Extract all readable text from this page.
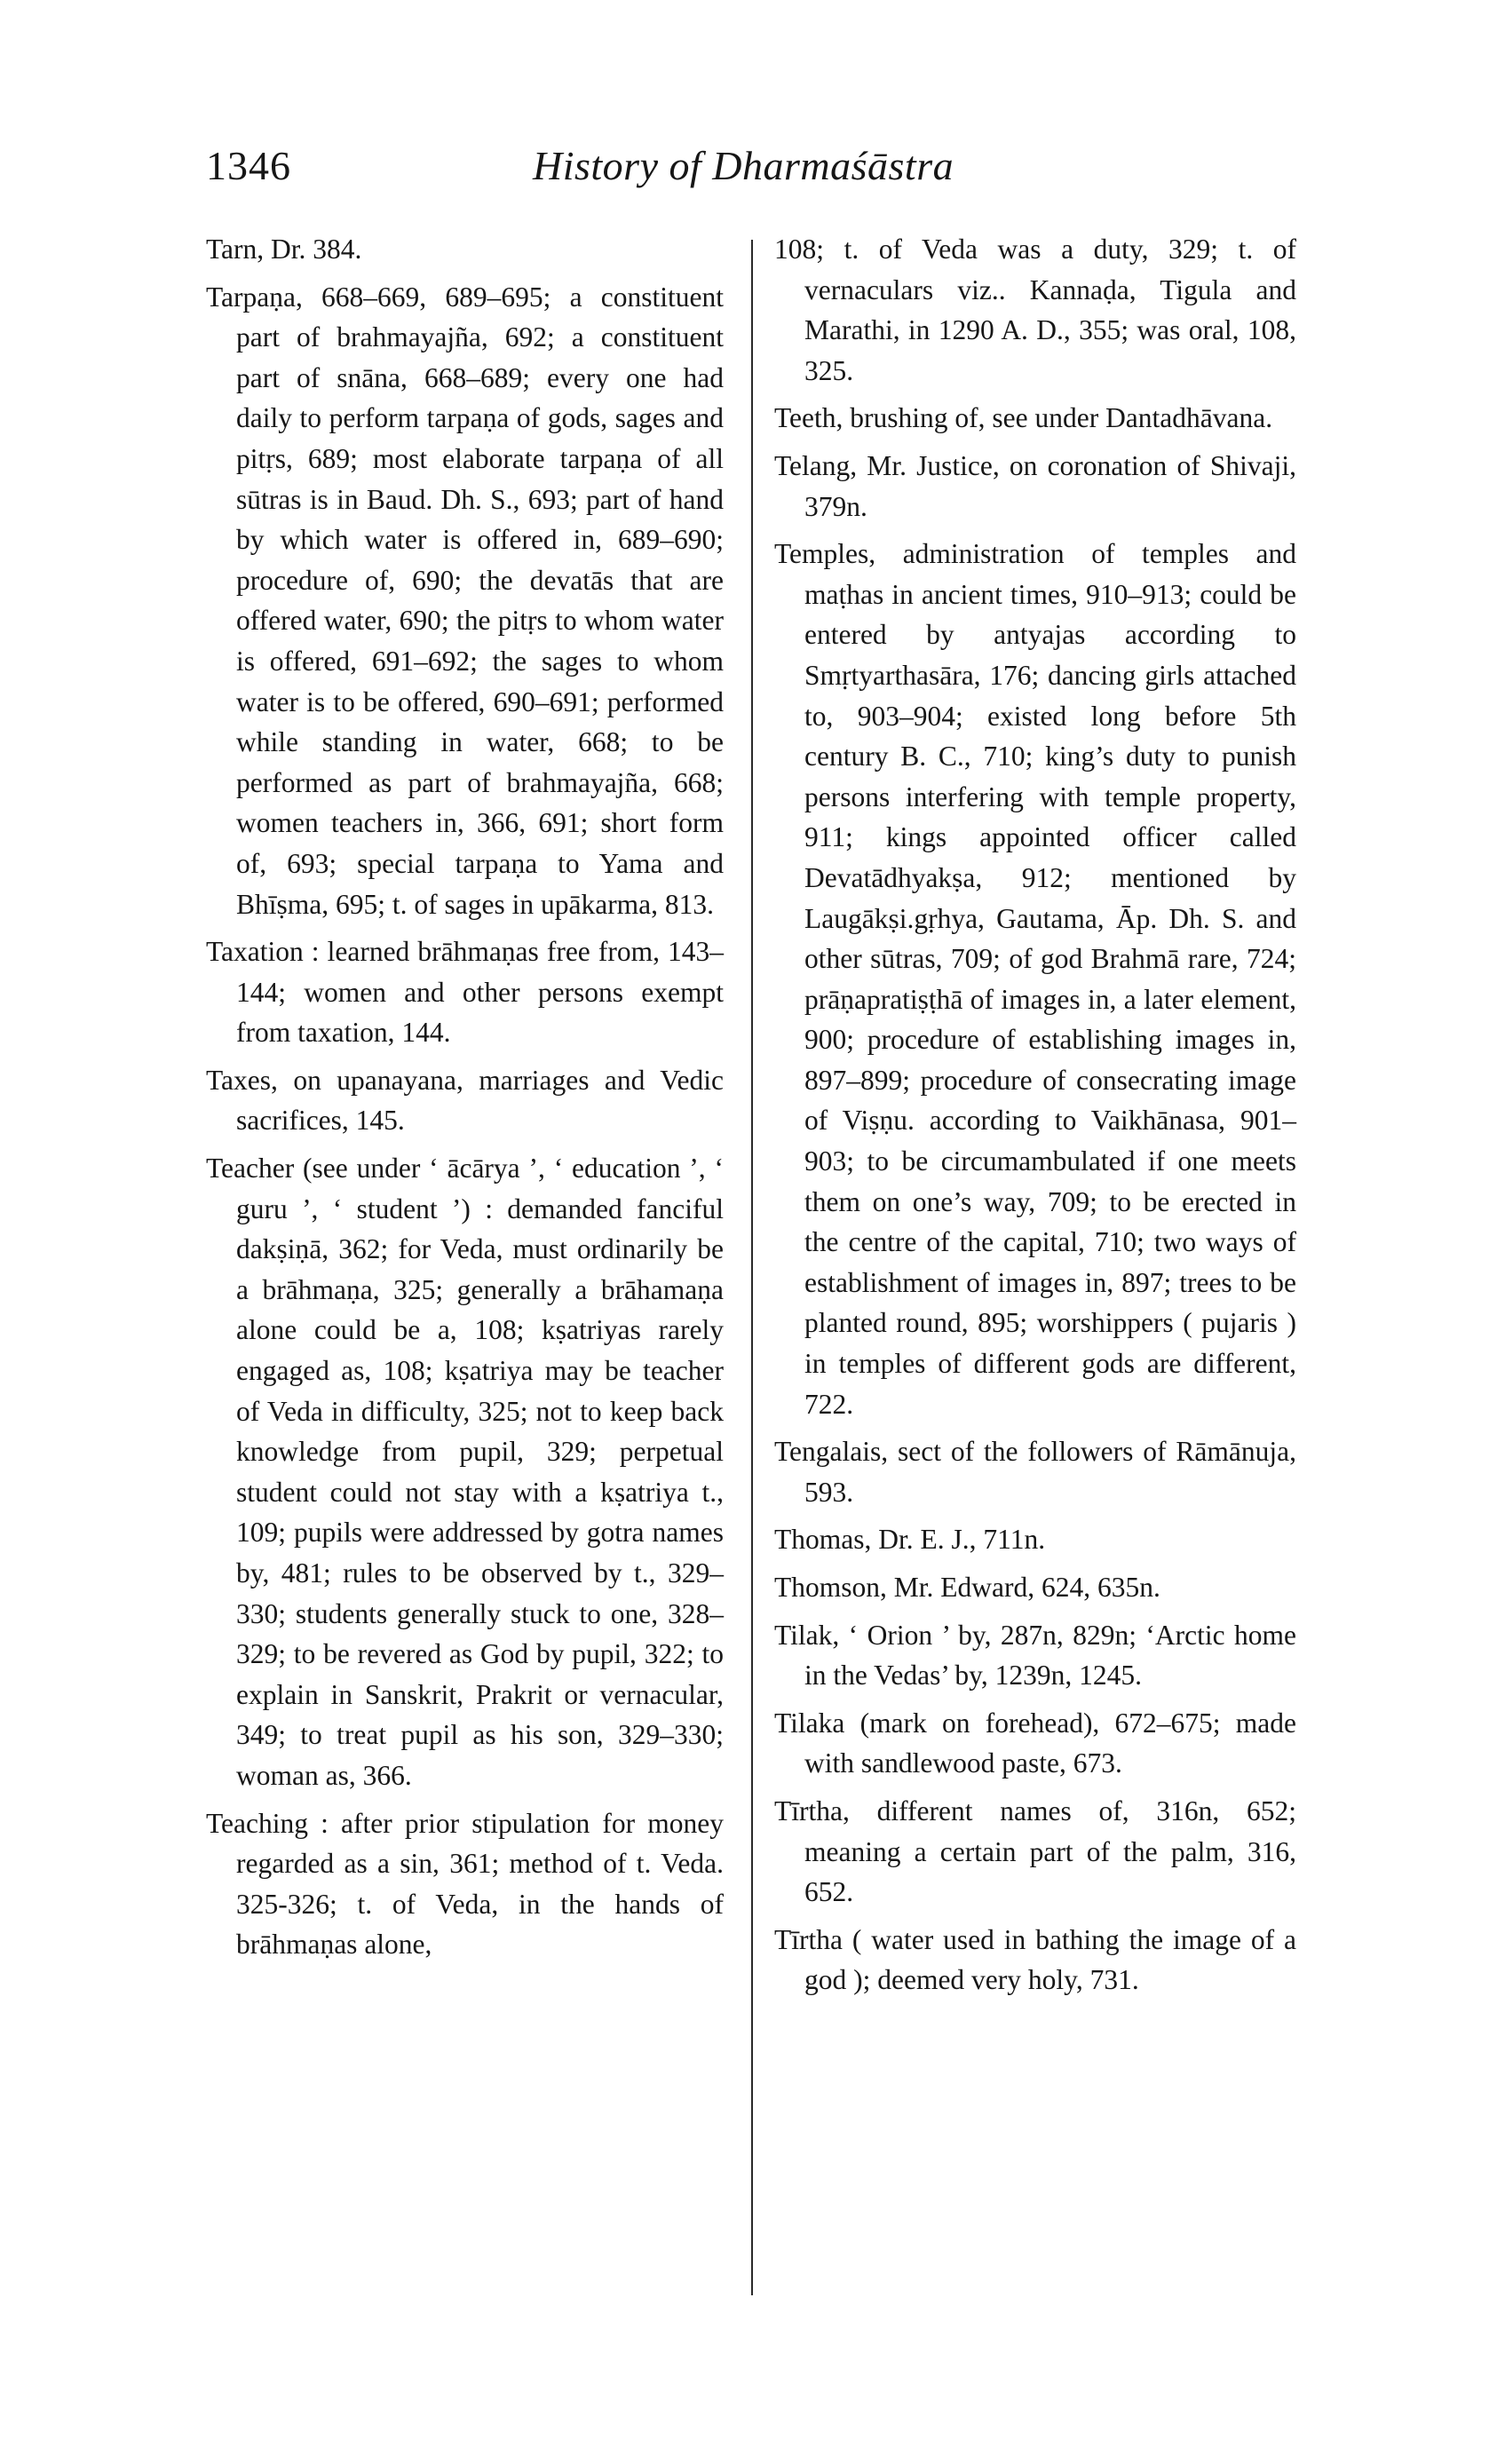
1346	History of Dharmaśāstra

Tarn, Dr. 384.

Tarpaṇa, 668–669, 689–695; a constituent part of brahmayajña, 692; a constituent part of snāna, 668–689; every one had daily to perform tarpaṇa of gods, sages and pitṛs, 689; most elaborate tarpaṇa of all sūtras is in Baud. Dh. S., 693; part of hand by which water is offered in, 689–690; procedure of, 690; the devatās that are offered water, 690; the pitṛs to whom water is offered, 691–692; the sages to whom water is to be offered, 690–691; performed while standing in water, 668; to be performed as part of brahmayajña, 668; women teachers in, 366, 691; short form of, 693; special tarpaṇa to Yama and Bhīṣma, 695; t. of sages in upākarma, 813.

Taxation : learned brāhmaṇas free from, 143–144; women and other persons exempt from taxation, 144.

Taxes, on upanayana, marriages and Vedic sacrifices, 145.

Teacher (see under ‘ ācārya ’, ‘ education ’, ‘ guru ’, ‘ student ’) : demanded fanciful dakṣiṇā, 362; for Veda, must ordinarily be a brāhmaṇa, 325; generally a brāhamaṇa alone could be a, 108; kṣatriyas rarely engaged as, 108; kṣatriya may be teacher of Veda in difficulty, 325; not to keep back knowledge from pupil, 329; perpetual student could not stay with a kṣatriya t., 109; pupils were addressed by gotra names by, 481; rules to be observed by t., 329–330; students generally stuck to one, 328–329; to be revered as God by pupil, 322; to explain in Sanskrit, Prakrit or vernacular, 349; to treat pupil as his son, 329–330; woman as, 366.

Teaching : after prior stipulation for money regarded as a sin, 361; method of t. Veda. 325-326; t. of Veda, in the hands of brāhmaṇas alone,

108; t. of Veda was a duty, 329; t. of vernaculars viz.. Kannaḍa, Tigula and Marathi, in 1290 A. D., 355; was oral, 108, 325.

Teeth, brushing of, see under Dantadhāvana.

Telang, Mr. Justice, on coronation of Shivaji, 379n.

Temples, administration of temples and maṭhas in ancient times, 910–913; could be entered by antyajas according to Smṛtyarthasāra, 176; dancing girls attached to, 903–904; existed long before 5th century B. C., 710; king’s duty to punish persons interfering with temple property, 911; kings appointed officer called Devatādhyakṣa, 912; mentioned by Laugākṣi.gṛhya, Gautama, Āp. Dh. S. and other sūtras, 709; of god Brahmā rare, 724; prāṇapratiṣṭhā of images in, a later element, 900; procedure of establishing images in, 897–899; procedure of consecrating image of Viṣṇu. according to Vaikhānasa, 901–903; to be circumambulated if one meets them on one’s way, 709; to be erected in the centre of the capital, 710; two ways of establishment of images in, 897; trees to be planted round, 895; worshippers ( pujaris ) in temples of different gods are different, 722.

Tengalais, sect of the followers of Rāmānuja, 593.

Thomas, Dr. E. J., 711n.

Thomson, Mr. Edward, 624, 635n.

Tilak, ‘ Orion ’ by, 287n, 829n; ‘Arctic home in the Vedas’ by, 1239n, 1245.

Tilaka (mark on forehead), 672–675; made with sandlewood paste, 673.

Tīrtha, different names of, 316n, 652; meaning a certain part of the palm, 316, 652.

Tīrtha ( water used in bathing the image of a god ); deemed very holy, 731.
